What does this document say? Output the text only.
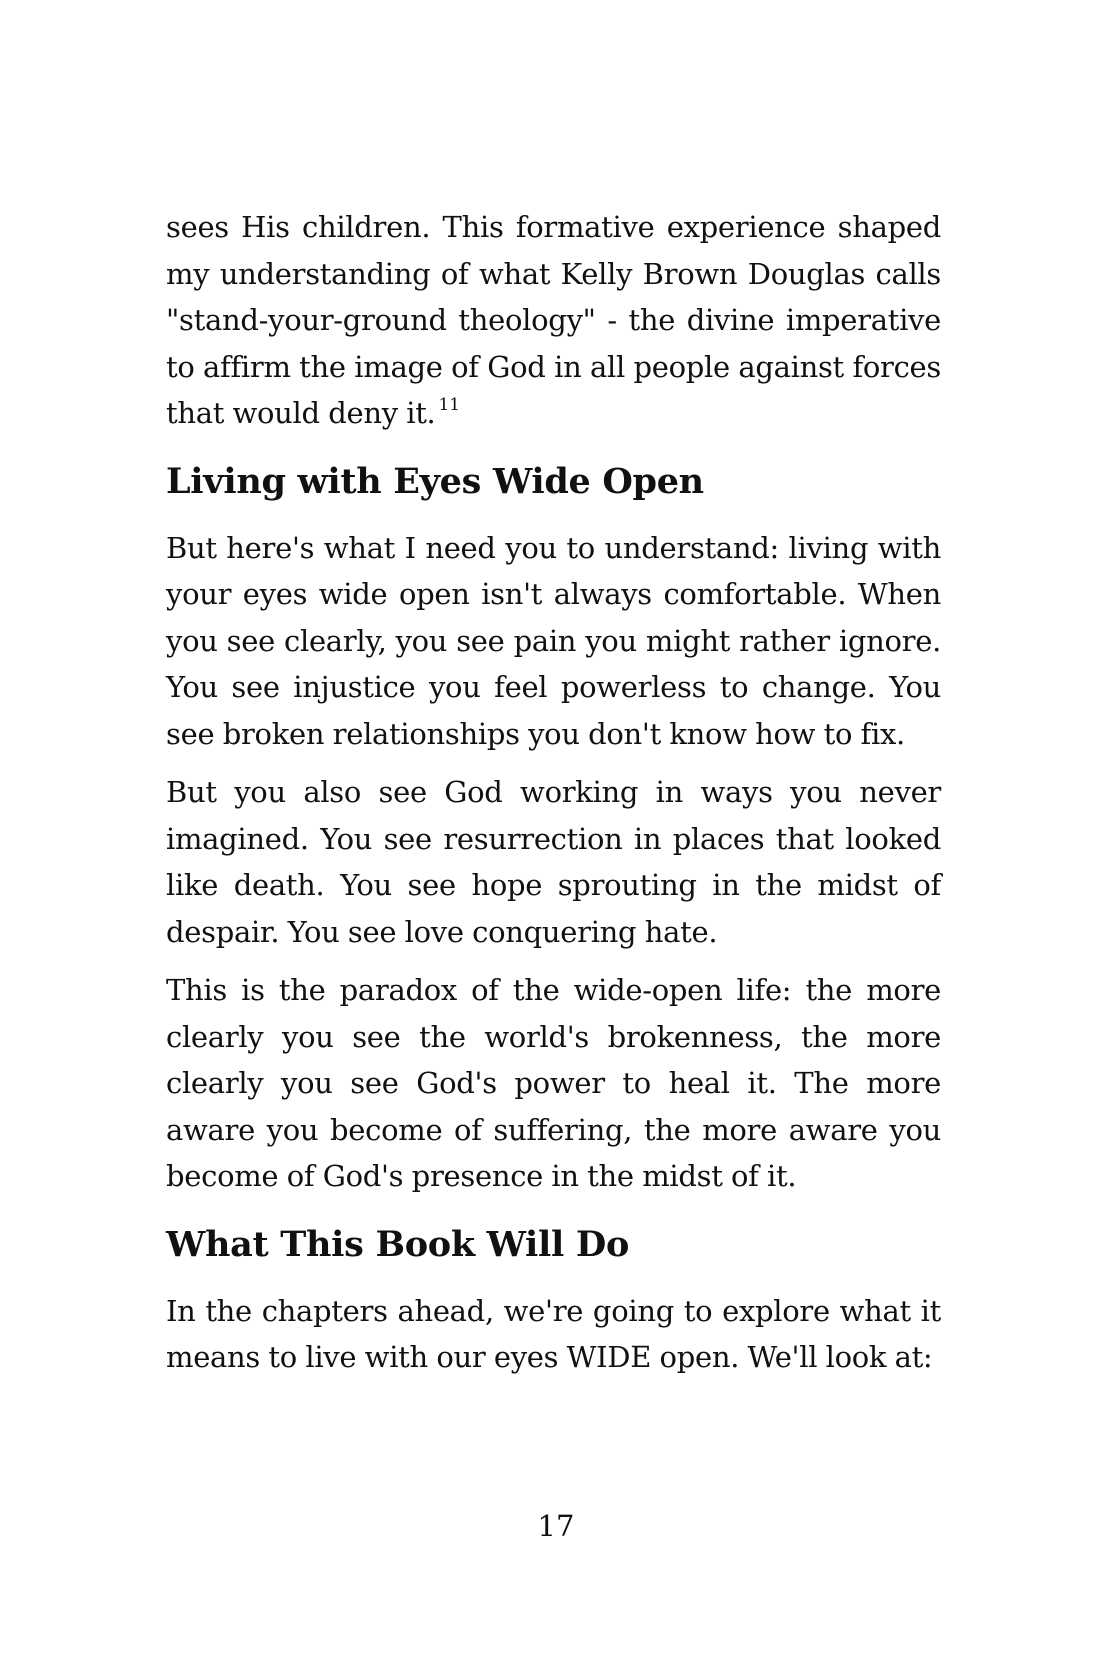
sees His children. This formative experience shaped my understanding of what Kelly Brown Douglas calls "stand-your-ground theology" - the divine imperative to affirm the image of God in all people against forces that would deny it. $^{11}$

Living with Eyes Wide Open

But here's what I need you to understand: living with your eyes wide open isn't always comfortable. When you see clearly, you see pain you might rather ignore. You see injustice you feel powerless to change. You see broken relationships you don't know how to fix.

But you also see God working in ways you never imagined. You see resurrection in places that looked like death. You see hope sprouting in the midst of despair. You see love conquering hate.

This is the paradox of the wide-open life: the more clearly you see the world's brokenness, the more clearly you see God's power to heal it. The more aware you become of suffering, the more aware you become of God's presence in the midst of it.

What This Book Will Do

In the chapters ahead, we're going to explore what it means to live with our eyes WIDE open. We'll look at:

17
